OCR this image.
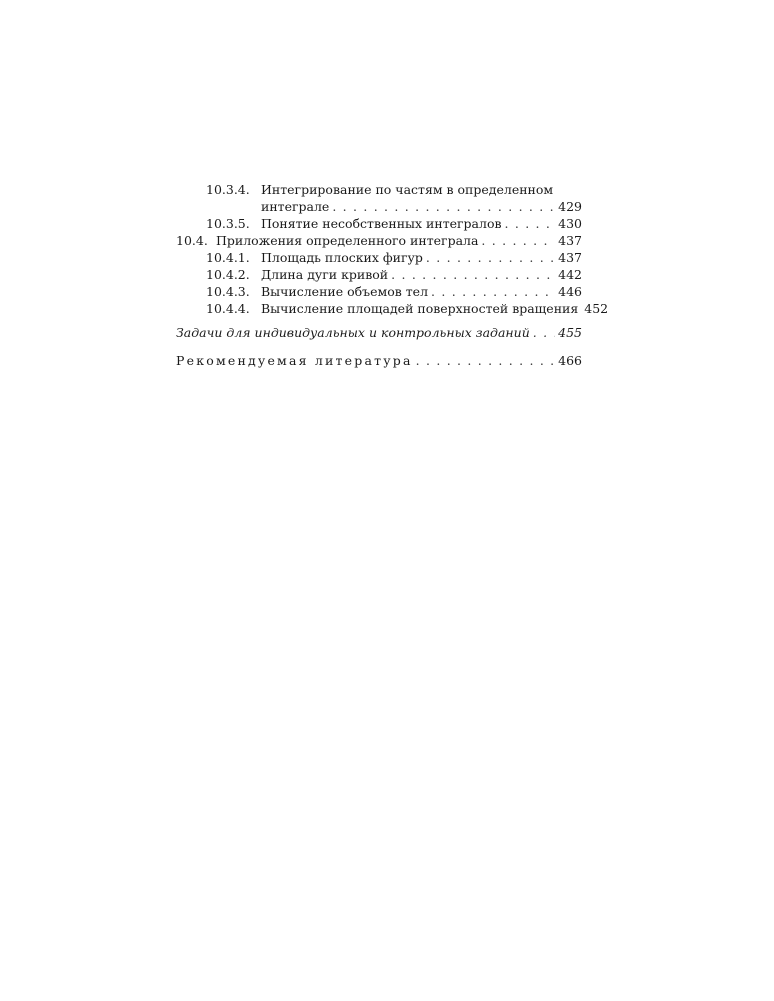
10.3.4. Интегрирование по частям в определенном
интеграле . . .	429
10.3.5. Понятие несобственных интегралов . . .	430
10.4. Приложения определенного интеграла . . .	437
10.4.1. Площадь плоских фигур . . .	437
10.4.2. Длина дуги кривой . . .	442
10.4.3. Вычисление объемов тел . . .	446
10.4.4. Вычисление площадей поверхностей вращения 452
Задачи для индивидуальных и контрольных заданий . . . 455
Рекомендуемая литература . . .	466
